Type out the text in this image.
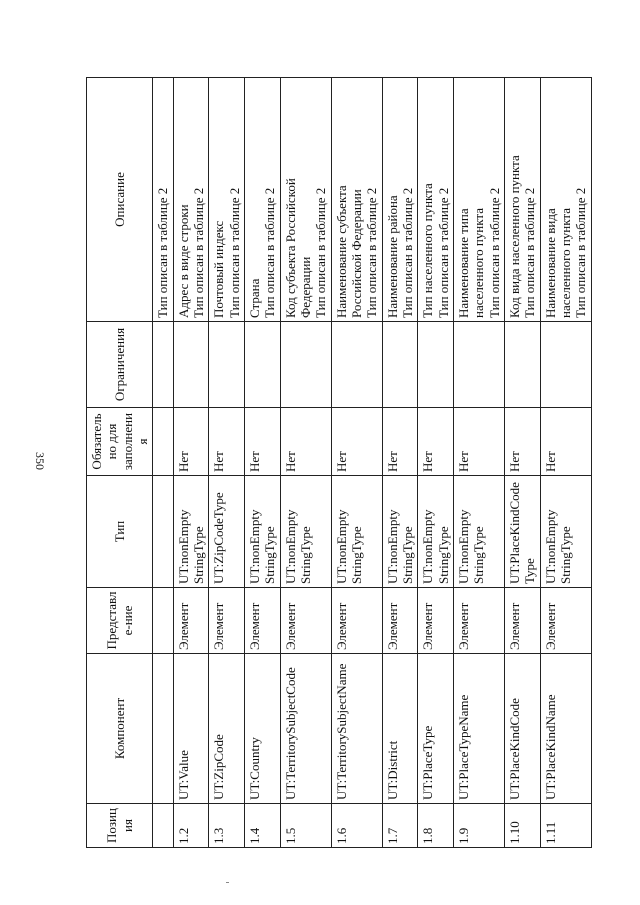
350
Позиция	Компонент	Представле-ние	Тип	Обязательно для заполнения	Ограничения	Описание
						Тип описан в таблице 2
1.2	UT:Value	Элемент	UT:nonEmpty StringType	Нет		Адрес в виде строки Тип описан в таблице 2

1.3	UT:ZipCode	Элемент	UT:ZipCodeType	Нет		Почтовый индекс Тип описан в таблице 2

1.4	UT:Country	Элемент	UT:nonEmpty StringType	Нет		Страна Тип описан в таблице 2

1.5	UT:TerritorySubjectCode	Элемент	UT:nonEmpty StringType	Нет		Код субъекта Российской Федерации Тип описан в таблице 2

1.6	UT:TerritorySubjectName	Элемент	UT:nonEmpty StringType	Нет		Наименование субъекта Российской Федерации Тип описан в таблице 2

1.7	UT:District	Элемент	UT:nonEmpty StringType	Нет		Наименование района Тип описан в таблице 2

1.8	UT:PlaceType	Элемент	UT:nonEmpty StringType	Нет		Тип населенного пункта Тип описан в таблице 2

1.9	UT:PlaceTypeName	Элемент	UT:nonEmpty StringType	Нет		Наименование типа населенного пункта Тип описан в таблице 2

1.10	UT:PlaceKindCode	Элемент	UT:PlaceKindCode Type	Нет		Код вида населенного пункта Тип описан в таблице 2

1.11	UT:PlaceKindName	Элемент	UT:nonEmpty StringType	Нет		Наименование вида населенного пункта Тип описан в таблице 2
